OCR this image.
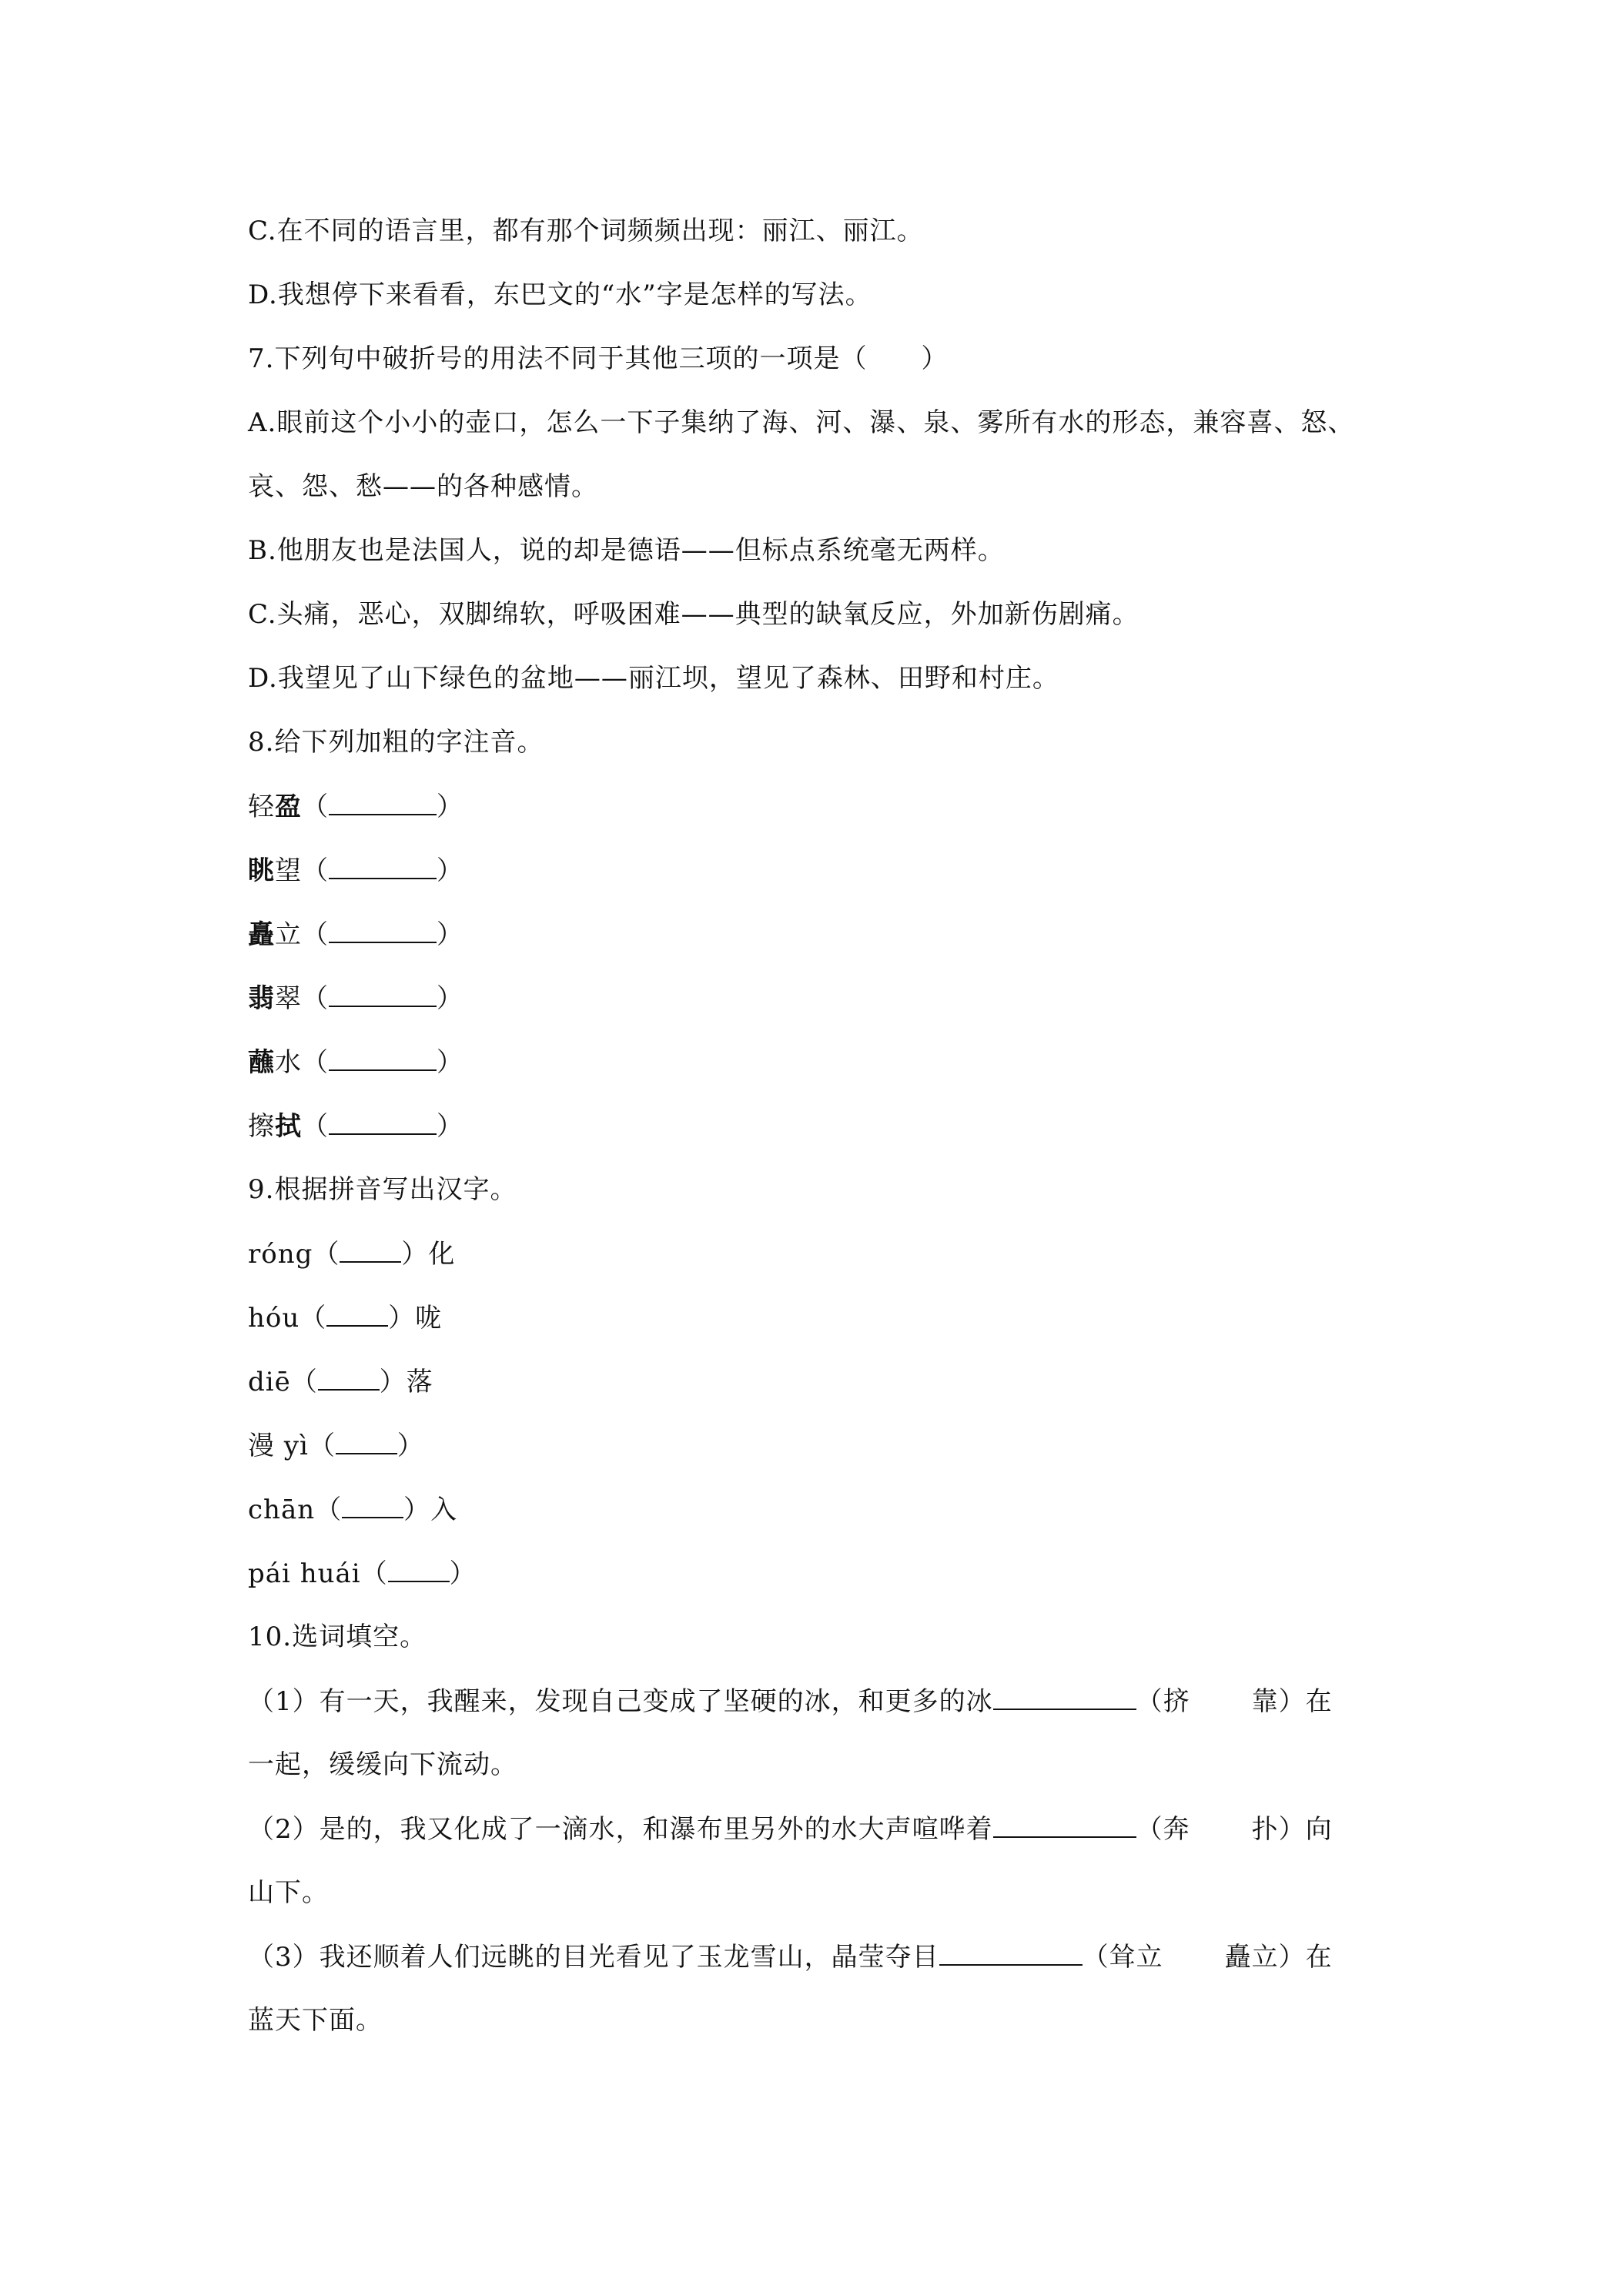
C.在不同的语言里，都有那个词频频出现：丽江、丽江。
D.我想停下来看看，东巴文的“水”字是怎样的写法。
7.下列句中破折号的用法不同于其他三项的一项是（　　）
A.眼前这个小小的壶口，怎么一下子集纳了海、河、瀑、泉、雾所有水的形态，兼容喜、怒、
哀、怨、愁——的各种感情。
B.他朋友也是法国人，说的却是德语——但标点系统毫无两样。
C.头痛，恶心，双脚绵软，呼吸困难——典型的缺氧反应，外加新伤剧痛。
D.我望见了山下绿色的盆地——丽江坝，望见了森林、田野和村庄。
8.给下列加粗的字注音。
轻盈（	）
眺望（	）
矗立（	）
翡翠（	）
蘸水（	）
擦拭（	）
9.根据拼音写出汉字。
róng（ ）化
hóu（ ）咙
diē（ ）落
漫 yì（ ）
chān（ ）入
pái huái（ ）
10.选词填空。
（1）有一天，我醒来，发现自己变成了坚硬的冰，和更多的冰	（挤 靠）在
一起，缓缓向下流动。
（2）是的，我又化成了一滴水，和瀑布里另外的水大声喧哗着	（奔 扑）向
山下。
（3）我还顺着人们远眺的目光看见了玉龙雪山，晶莹夺目	（耸立 矗立）在
蓝天下面。
